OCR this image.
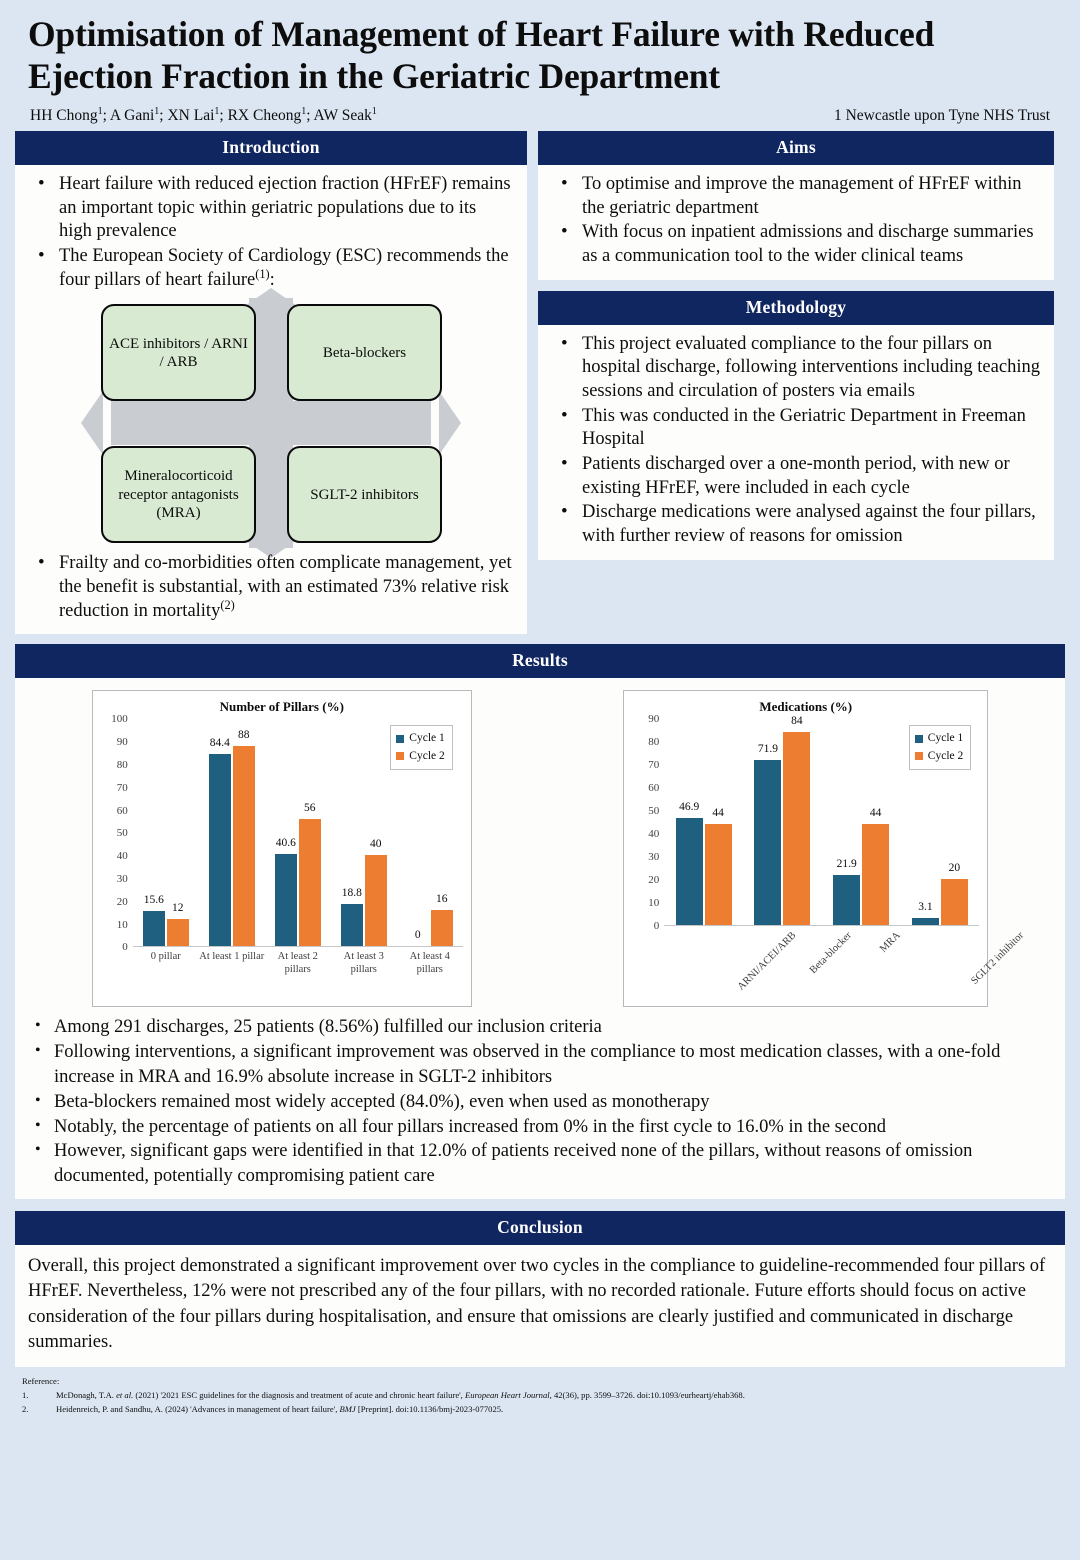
Optimisation of Management of Heart Failure with Reduced Ejection Fraction in the Geriatric Department
HH Chong$^1$; A Gani$^1$; XN Lai$^1$; RX Cheong$^1$; AW Seak$^1$	1 Newcastle upon Tyne NHS Trust
Introduction
• Heart failure with reduced ejection fraction (HFrEF) remains an important topic within geriatric populations due to its high prevalence
• The European Society of Cardiology (ESC) recommends the four pillars of heart failure$^{(1)}$:
ACE inhibitors / ARNI / ARB
Beta-blockers
Mineralocorticoid receptor antagonists (MRA)
SGLT-2 inhibitors
• Frailty and co-morbidities often complicate management, yet the benefit is substantial, with an estimated 73% relative risk reduction in mortality$^{(2)}$
Aims
• To optimise and improve the management of HFrEF within the geriatric department
• With focus on inpatient admissions and discharge summaries as a communication tool to the wider clinical teams
Methodology
• This project evaluated compliance to the four pillars on hospital discharge, following interventions including teaching sessions and circulation of posters via emails
• This was conducted in the Geriatric Department in Freeman Hospital
• Patients discharged over a one-month period, with new or existing HFrEF, were included in each cycle
• Discharge medications were analysed against the four pillars, with further review of reasons for omission
Results
Number of Pillars (%)
0
10
20
30
40
50
60
70
80
90
100
15.6
12
84.4
88
40.6
56
18.8
40
0
16
Cycle 1
Cycle 2
0 pillar	At least 1 pillar	At least 2 pillars
At least 3 pillars
At least 4 pillars
Medications (%)
0
10
20
30
40
50
60
70
80
90
46.9
44
71.9
84
21.9
44
3.1
20
Cycle 1
Cycle 2
ARNI/ACEI/ARB Beta-blocker MRA	SGLT2 inhibitor
• Among 291 discharges, 25 patients (8.56%) fulfilled our inclusion criteria
• Following interventions, a significant improvement was observed in the compliance to most medication classes, with a one-fold increase in MRA and 16.9% absolute increase in SGLT-2 inhibitors
• Beta-blockers remained most widely accepted (84.0%), even when used as monotherapy
• Notably, the percentage of patients on all four pillars increased from 0% in the first cycle to 16.0% in the second
• However, significant gaps were identified in that 12.0% of patients received none of the pillars, without reasons of omission documented, potentially compromising patient care
Conclusion
Overall, this project demonstrated a significant improvement over two cycles in the compliance to guideline-recommended four pillars of HFrEF. Nevertheless, 12% were not prescribed any of the four pillars, with no recorded rationale. Future efforts should focus on active consideration of the four pillars during hospitalisation, and ensure that omissions are clearly justified and communicated in discharge summaries.
Reference:
1.	McDonagh, T.A. et al. (2021) '2021 ESC guidelines for the diagnosis and treatment of acute and chronic heart failure', European Heart Journal, 42(36), pp. 3599–3726. doi:10.1093/eurheartj/ehab368.
2.	Heidenreich, P. and Sandhu, A. (2024) 'Advances in management of heart failure', BMJ [Preprint]. doi:10.1136/bmj-2023-077025.
